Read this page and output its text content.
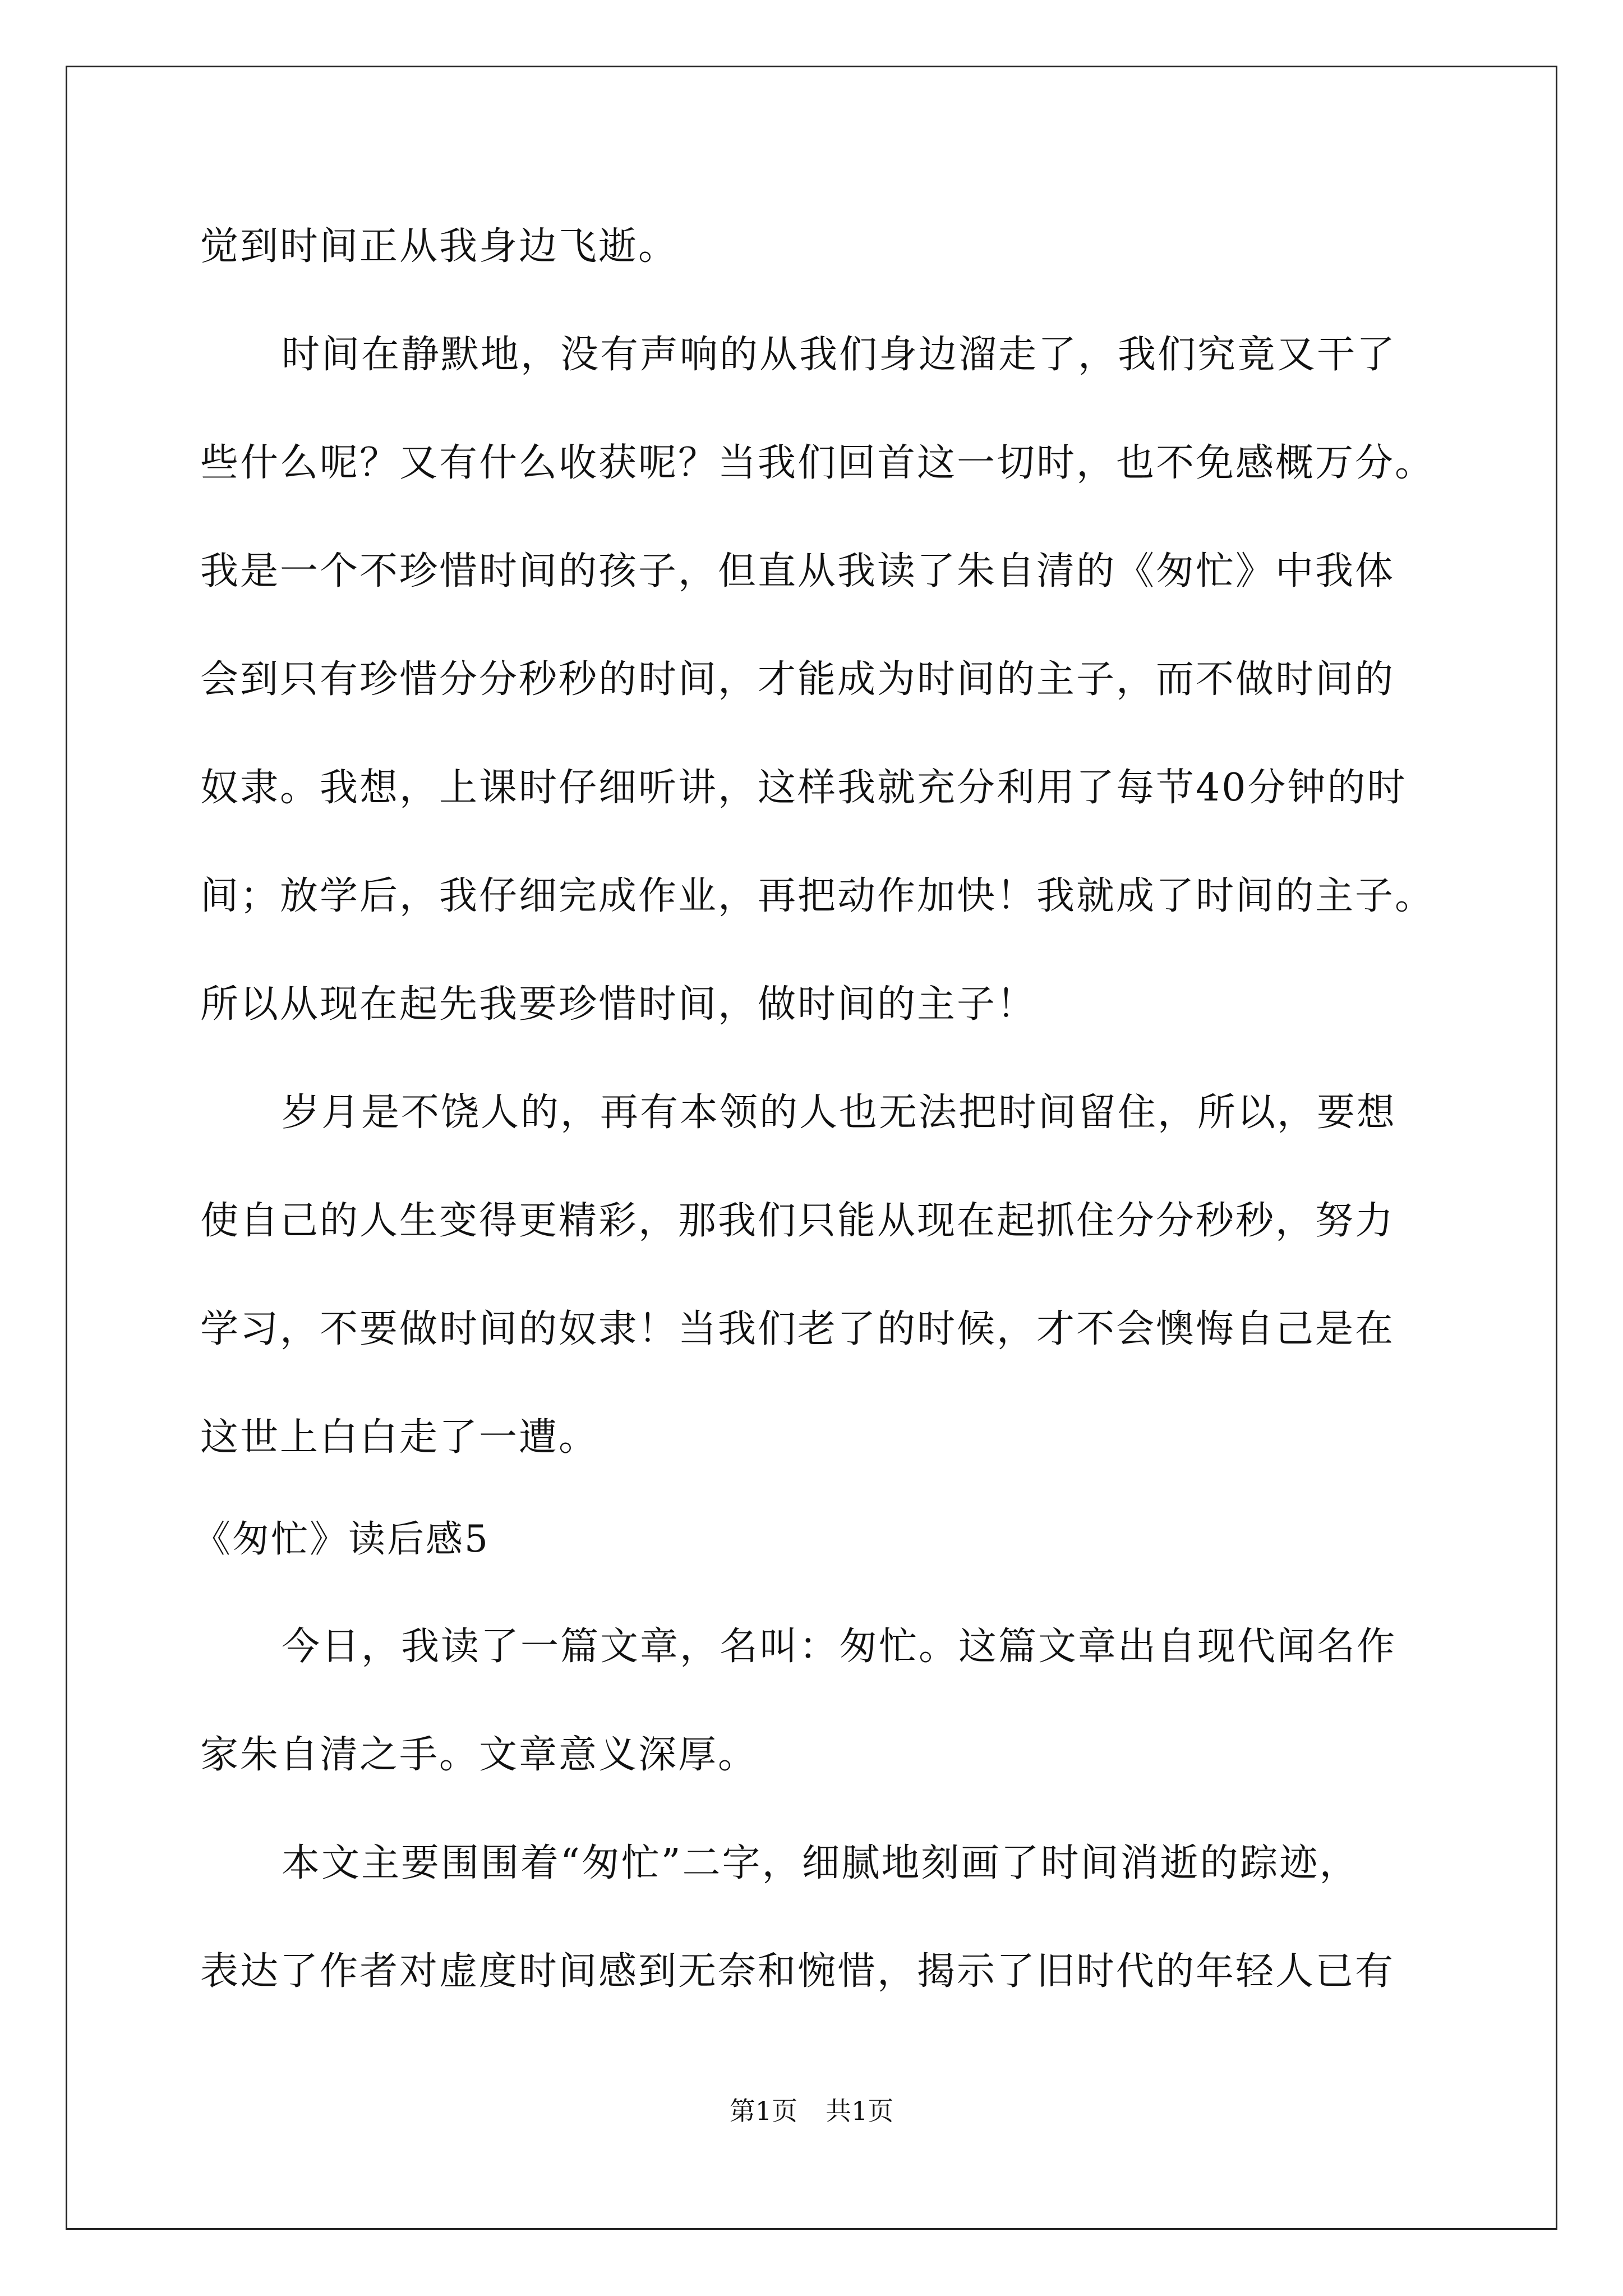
觉到时间正从我身边飞逝。
时间在静默地，没有声响的从我们身边溜走了，我们究竟又干了
些什么呢？又有什么收获呢？当我们回首这一切时，也不免感概万分。
我是一个不珍惜时间的孩子，但直从我读了朱自清的《匆忙》中我体
会到只有珍惜分分秒秒的时间，才能成为时间的主子，而不做时间的
奴隶。我想，上课时仔细听讲，这样我就充分利用了每节40分钟的时
间；放学后，我仔细完成作业，再把动作加快！我就成了时间的主子。
所以从现在起先我要珍惜时间，做时间的主子！
岁月是不饶人的，再有本领的人也无法把时间留住，所以，要想
使自己的人生变得更精彩，那我们只能从现在起抓住分分秒秒，努力
学习，不要做时间的奴隶！当我们老了的时候，才不会懊悔自己是在
这世上白白走了一遭。
《匆忙》读后感5
今日，我读了一篇文章，名叫：匆忙。这篇文章出自现代闻名作
家朱自清之手。文章意义深厚。
本文主要围围着“匆忙”二字，细腻地刻画了时间消逝的踪迹，
表达了作者对虚度时间感到无奈和惋惜，揭示了旧时代的年轻人已有
第1页 共1页
